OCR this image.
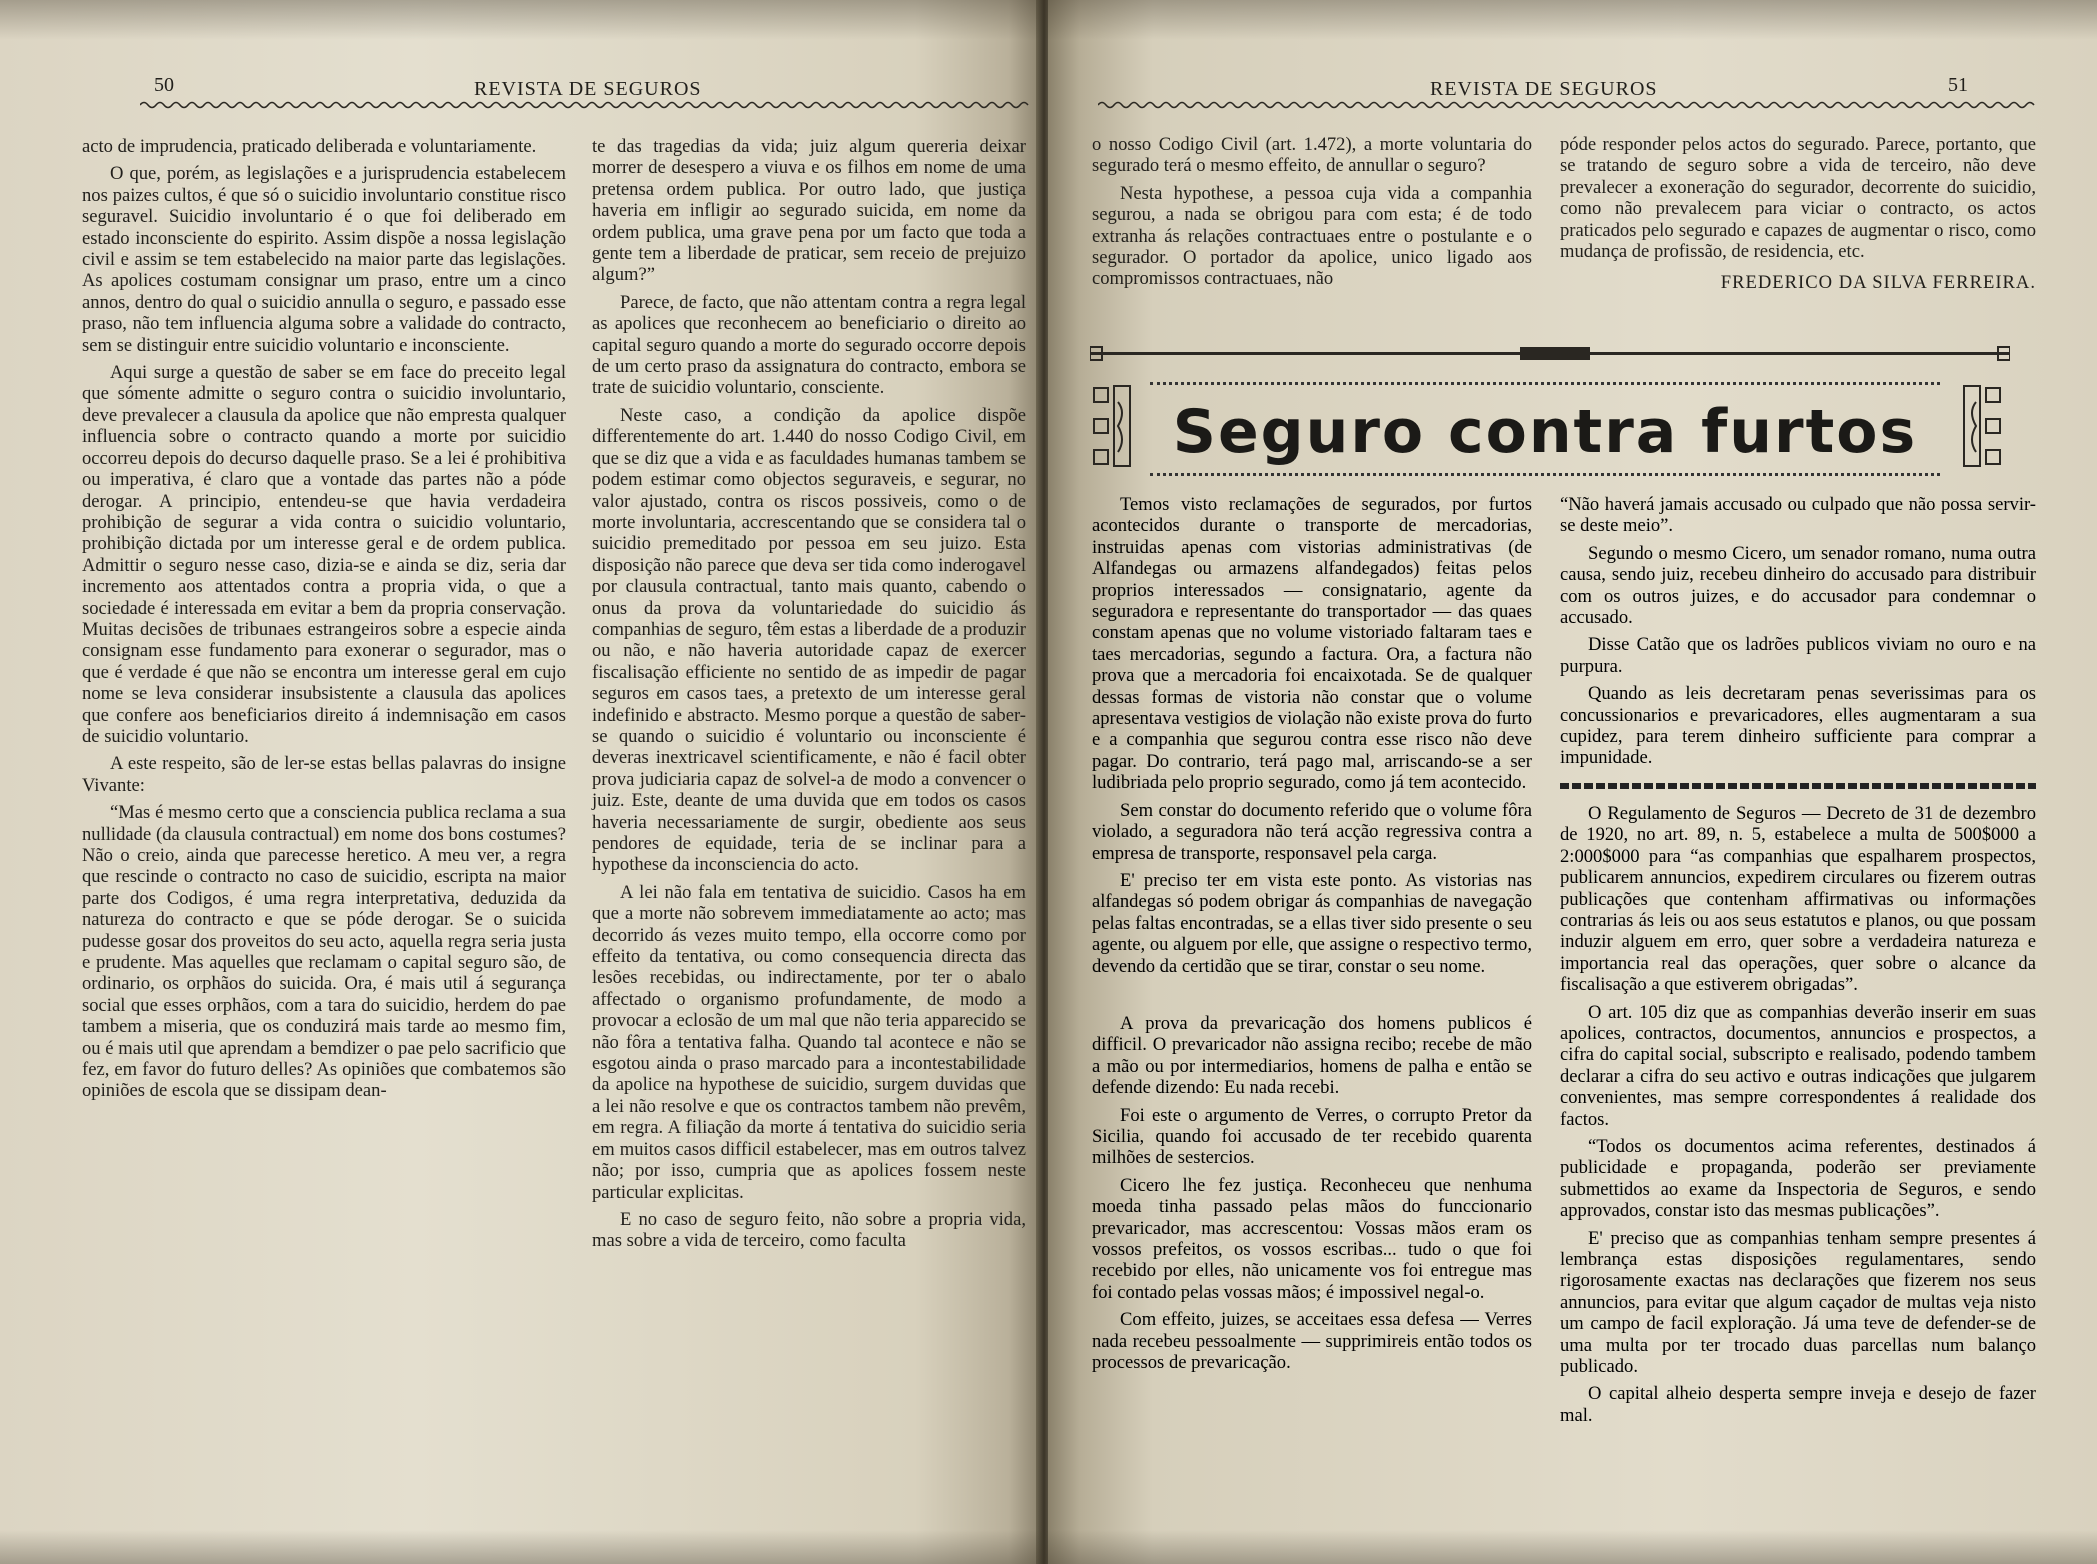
50	REVISTA DE SEGUROS

acto de imprudencia, praticado deliberada e voluntariamente.

O que, porém, as legislações e a jurisprudencia estabelecem nos paizes cultos, é que só o suicidio involuntario constitue risco seguravel. Suicidio involuntario é o que foi deliberado em estado inconsciente do espirito. Assim dispõe a nossa legislação civil e assim se tem estabelecido na maior parte das legislações. As apolices costumam consignar um praso, entre um a cinco annos, dentro do qual o suicidio annulla o seguro, e passado esse praso, não tem influencia alguma sobre a validade do contracto, sem se distinguir entre suicidio voluntario e inconsciente.

Aqui surge a questão de saber se em face do preceito legal que sómente admitte o seguro contra o suicidio involuntario, deve prevalecer a clausula da apolice que não empresta qualquer influencia sobre o contracto quando a morte por suicidio occorreu depois do decurso daquelle praso. Se a lei é prohibitiva ou imperativa, é claro que a vontade das partes não a póde derogar. A principio, entendeu-se que havia verdadeira prohibição de segurar a vida contra o suicidio voluntario, prohibição dictada por um interesse geral e de ordem publica. Admittir o seguro nesse caso, dizia-se e ainda se diz, seria dar incremento aos attentados contra a propria vida, o que a sociedade é interessada em evitar a bem da propria conservação. Muitas decisões de tribunaes estrangeiros sobre a especie ainda consignam esse fundamento para exonerar o segurador, mas o que é verdade é que não se encontra um interesse geral em cujo nome se leva considerar insubsistente a clausula das apolices que confere aos beneficiarios direito á indemnisação em casos de suicidio voluntario.

A este respeito, são de ler-se estas bellas palavras do insigne Vivante:

“Mas é mesmo certo que a consciencia publica reclama a sua nullidade (da clausula contractual) em nome dos bons costumes? Não o creio, ainda que parecesse heretico. A meu ver, a regra que rescinde o contracto no caso de suicidio, escripta na maior parte dos Codigos, é uma regra interpretativa, deduzida da natureza do contracto e que se póde derogar. Se o suicida pudesse gosar dos proveitos do seu acto, aquella regra seria justa e prudente. Mas aquelles que reclamam o capital seguro são, de ordinario, os orphãos do suicida. Ora, é mais util á segurança social que esses orphãos, com a tara do suicidio, herdem do pae tambem a miseria, que os conduzirá mais tarde ao mesmo fim, ou é mais util que aprendam a bemdizer o pae pelo sacrificio que fez, em favor do futuro delles? As opiniões que combatemos são opiniões de escola que se dissipam dean-

te das tragedias da vida; juiz algum quereria deixar morrer de desespero a viuva e os filhos em nome de uma pretensa ordem publica. Por outro lado, que justiça haveria em infligir ao segurado suicida, em nome da ordem publica, uma grave pena por um facto que toda a gente tem a liberdade de praticar, sem receio de prejuizo algum?”

Parece, de facto, que não attentam contra a regra legal as apolices que reconhecem ao beneficiario o direito ao capital seguro quando a morte do segurado occorre depois de um certo praso da assignatura do contracto, embora se trate de suicidio voluntario, consciente.

Neste caso, a condição da apolice dispõe differentemente do art. 1.440 do nosso Codigo Civil, em que se diz que a vida e as faculdades humanas tambem se podem estimar como objectos seguraveis, e segurar, no valor ajustado, contra os riscos possiveis, como o de morte involuntaria, accrescentando que se considera tal o suicidio premeditado por pessoa em seu juizo. Esta disposição não parece que deva ser tida como inderogavel por clausula contractual, tanto mais quanto, cabendo o onus da prova da voluntariedade do suicidio ás companhias de seguro, têm estas a liberdade de a produzir ou não, e não haveria autoridade capaz de exercer fiscalisação efficiente no sentido de as impedir de pagar seguros em casos taes, a pretexto de um interesse geral indefinido e abstracto. Mesmo porque a questão de saber-se quando o suicidio é voluntario ou inconsciente é deveras inextricavel scientificamente, e não é facil obter prova judiciaria capaz de solvel-a de modo a convencer o juiz. Este, deante de uma duvida que em todos os casos haveria necessariamente de surgir, obediente aos seus pendores de equidade, teria de se inclinar para a hypothese da inconsciencia do acto.

A lei não fala em tentativa de suicidio. Casos ha em que a morte não sobrevem immediatamente ao acto; mas decorrido ás vezes muito tempo, ella occorre como por effeito da tentativa, ou como consequencia directa das lesões recebidas, ou indirectamente, por ter o abalo affectado o organismo profundamente, de modo a provocar a eclosão de um mal que não teria apparecido se não fôra a tentativa falha. Quando tal acontece e não se esgotou ainda o praso marcado para a incontestabilidade da apolice na hypothese de suicidio, surgem duvidas que a lei não resolve e que os contractos tambem não prevêm, em regra. A filiação da morte á tentativa do suicidio seria em muitos casos difficil estabelecer, mas em outros talvez não; por isso, cumpria que as apolices fossem neste particular explicitas.

E no caso de seguro feito, não sobre a propria vida, mas sobre a vida de terceiro, como faculta

REVISTA DE SEGUROS	51

o nosso Codigo Civil (art. 1.472), a morte voluntaria do segurado terá o mesmo effeito, de annullar o seguro?

Nesta hypothese, a pessoa cuja vida a companhia segurou, a nada se obrigou para com esta; é de todo extranha ás relações contractuaes entre o postulante e o segurador. O portador da apolice, unico ligado aos compromissos contractuaes, não

póde responder pelos actos do segurado. Parece, portanto, que se tratando de seguro sobre a vida de terceiro, não deve prevalecer a exoneração do segurador, decorrente do suicidio, como não prevalecem para viciar o contracto, os actos praticados pelo segurado e capazes de augmentar o risco, como mudança de profissão, de residencia, etc.

FREDERICO DA SILVA FERREIRA.

Seguro contra furtos

Temos visto reclamações de segurados, por furtos acontecidos durante o transporte de mercadorias, instruidas apenas com vistorias administrativas (de Alfandegas ou armazens alfandegados) feitas pelos proprios interessados — consignatario, agente da seguradora e representante do transportador — das quaes constam apenas que no volume vistoriado faltaram taes e taes mercadorias, segundo a factura. Ora, a factura não prova que a mercadoria foi encaixotada. Se de qualquer dessas formas de vistoria não constar que o volume apresentava vestigios de violação não existe prova do furto e a companhia que segurou contra esse risco não deve pagar. Do contrario, terá pago mal, arriscando-se a ser ludibriada pelo proprio segurado, como já tem acontecido.

Sem constar do documento referido que o volume fôra violado, a seguradora não terá acção regressiva contra a empresa de transporte, responsavel pela carga.

E' preciso ter em vista este ponto. As vistorias nas alfandegas só podem obrigar ás companhias de navegação pelas faltas encontradas, se a ellas tiver sido presente o seu agente, ou alguem por elle, que assigne o respectivo termo, devendo da certidão que se tirar, constar o seu nome.

A prova da prevaricação dos homens publicos é difficil. O prevaricador não assigna recibo; recebe de mão a mão ou por intermediarios, homens de palha e então se defende dizendo: Eu nada recebi.

Foi este o argumento de Verres, o corrupto Pretor da Sicilia, quando foi accusado de ter recebido quarenta milhões de sestercios.

Cicero lhe fez justiça. Reconheceu que nenhuma moeda tinha passado pelas mãos do funccionario prevaricador, mas accrescentou: Vossas mãos eram os vossos prefeitos, os vossos escribas... tudo o que foi recebido por elles, não unicamente vos foi entregue mas foi contado pelas vossas mãos; é impossivel negal-o.

Com effeito, juizes, se acceitaes essa defesa — Verres nada recebeu pessoalmente — supprimireis então todos os processos de prevaricação.

“Não haverá jamais accusado ou culpado que não possa servir-se deste meio”.

Segundo o mesmo Cicero, um senador romano, numa outra causa, sendo juiz, recebeu dinheiro do accusado para distribuir com os outros juizes, e do accusador para condemnar o accusado.

Disse Catão que os ladrões publicos viviam no ouro e na purpura.

Quando as leis decretaram penas severissimas para os concussionarios e prevaricadores, elles augmentaram a sua cupidez, para terem dinheiro sufficiente para comprar a impunidade.

O Regulamento de Seguros — Decreto de 31 de dezembro de 1920, no art. 89, n. 5, estabelece a multa de 500$000 a 2:000$000 para “as companhias que espalharem prospectos, publicarem annuncios, expedirem circulares ou fizerem outras publicações que contenham affirmativas ou informações contrarias ás leis ou aos seus estatutos e planos, ou que possam induzir alguem em erro, quer sobre a verdadeira natureza e importancia real das operações, quer sobre o alcance da fiscalisação a que estiverem obrigadas”.

O art. 105 diz que as companhias deverão inserir em suas apolices, contractos, documentos, annuncios e prospectos, a cifra do capital social, subscripto e realisado, podendo tambem declarar a cifra do seu activo e outras indicações que julgarem convenientes, mas sempre correspondentes á realidade dos factos.

“Todos os documentos acima referentes, destinados á publicidade e propaganda, poderão ser previamente submettidos ao exame da Inspectoria de Seguros, e sendo approvados, constar isto das mesmas publicações”.

E' preciso que as companhias tenham sempre presentes á lembrança estas disposições regulamentares, sendo rigorosamente exactas nas declarações que fizerem nos seus annuncios, para evitar que algum caçador de multas veja nisto um campo de facil exploração. Já uma teve de defender-se de uma multa por ter trocado duas parcellas num balanço publicado.

O capital alheio desperta sempre inveja e desejo de fazer mal.
